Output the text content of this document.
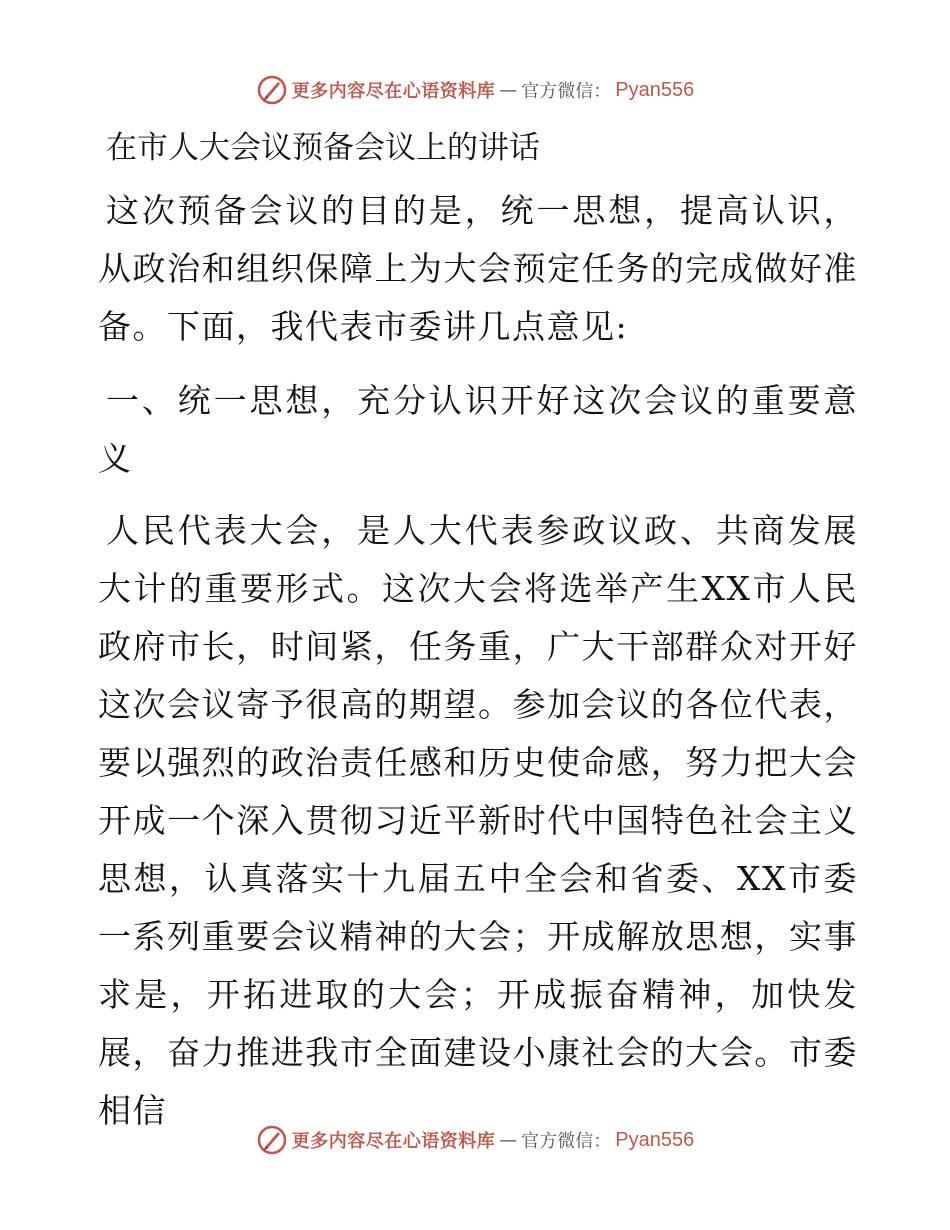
更多内容尽在心语资料库 — 官方微信： Pyan556
在市人大会议预备会议上的讲话

这次预备会议的目的是，统一思想，提高认识，从政治和组织保障上为大会预定任务的完成做好准备。下面，我代表市委讲几点意见:

一、统一思想，充分认识开好这次会议的重要意义

人民代表大会，是人大代表参政议政、共商发展大计的重要形式。这次大会将选举产生XX市人民政府市长，时间紧，任务重，广大干部群众对开好这次会议寄予很高的期望。参加会议的各位代表，要以强烈的政治责任感和历史使命感，努力把大会开成一个深入贯彻习近平新时代中国特色社会主义思想，认真落实十九届五中全会和省委、XX市委一系列重要会议精神的大会；开成解放思想，实事求是，开拓进取的大会；开成振奋精神，加快发展，奋力推进我市全面建设小康社会的大会。市委相信

更多内容尽在心语资料库 — 官方微信： Pyan556
